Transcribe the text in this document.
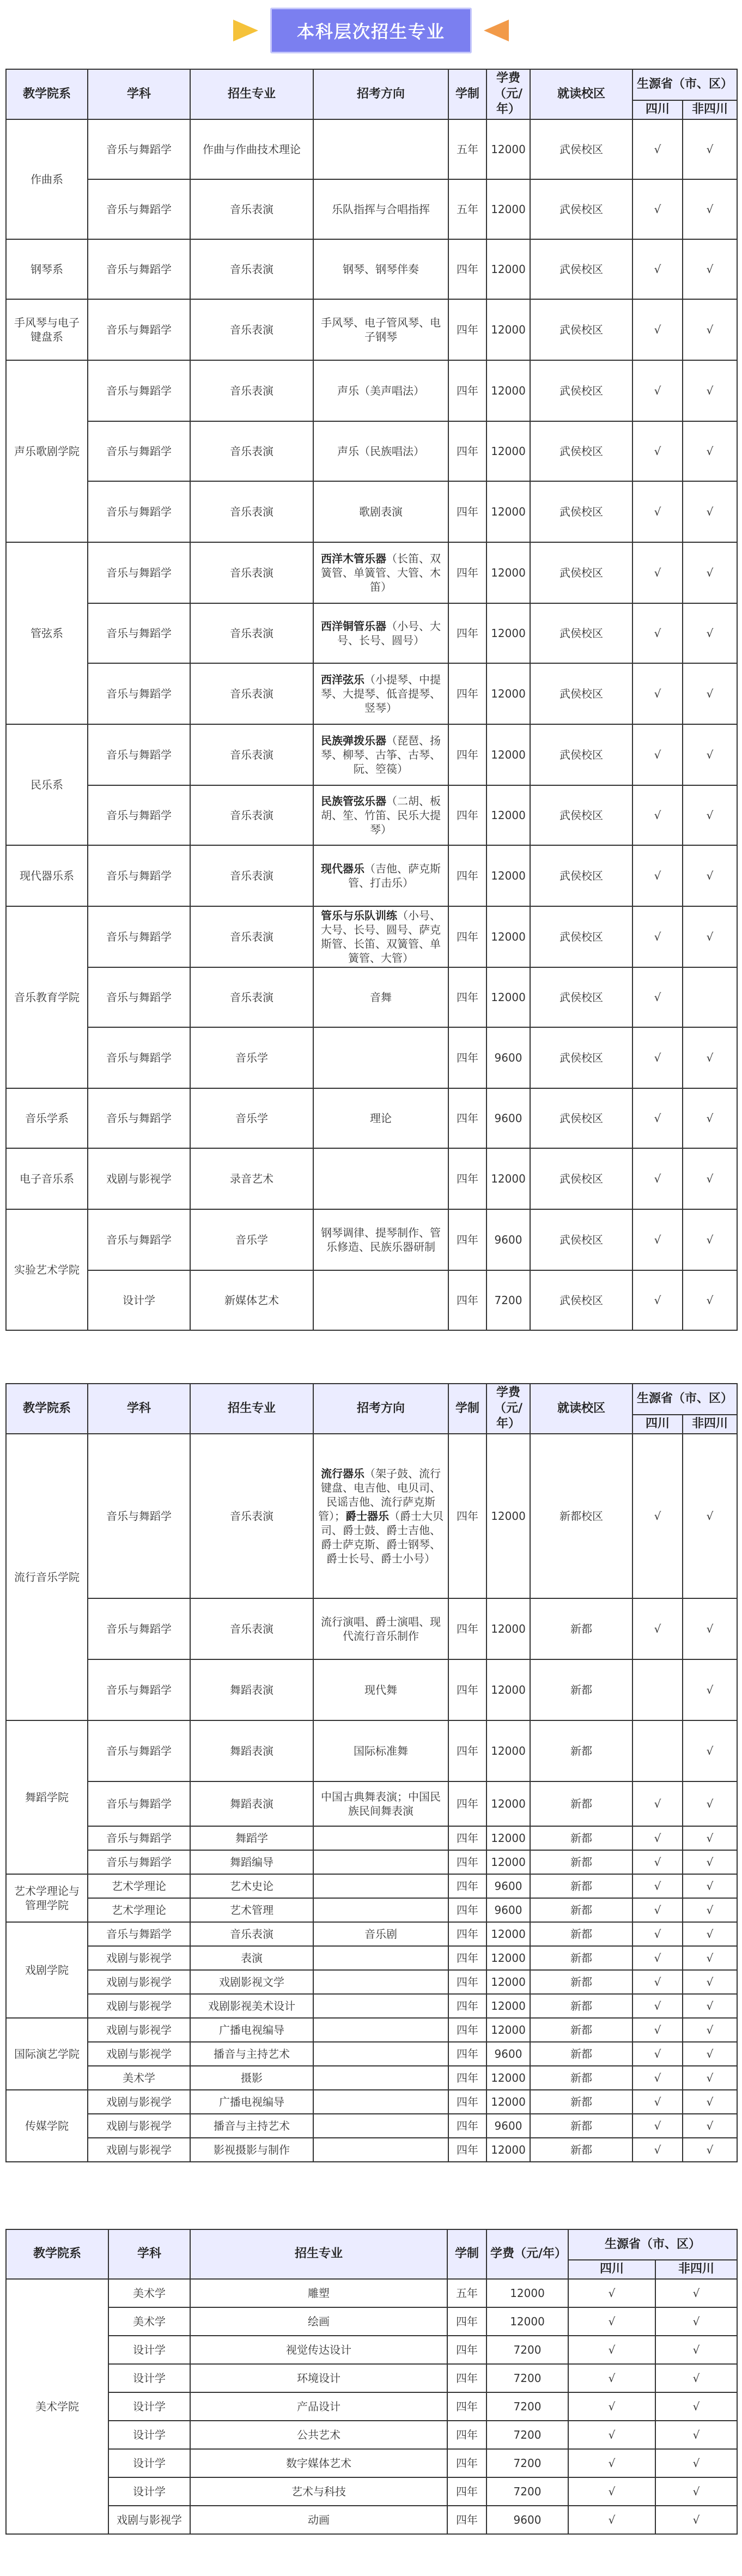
本科层次招生专业
教学院系	学科	招生专业	招考方向	学制	学费（元/年）	就读校区	生源省（市、区）	
							四川	非四川
作曲系	音乐与舞蹈学	作曲与作曲技术理论		五年	12000	武侯校区	√	√
	音乐与舞蹈学	音乐表演	乐队指挥与合唱指挥	五年	12000	武侯校区	√	√
钢琴系	音乐与舞蹈学	音乐表演	钢琴、钢琴伴奏	四年	12000	武侯校区	√	√
手风琴与电子键盘系	音乐与舞蹈学	音乐表演	手风琴、电子管风琴、电子钢琴	四年	12000	武侯校区	√	√
声乐歌剧学院	音乐与舞蹈学	音乐表演	声乐（美声唱法）	四年	12000	武侯校区	√	√
	音乐与舞蹈学	音乐表演	声乐（民族唱法）	四年	12000	武侯校区	√	√
	音乐与舞蹈学	音乐表演	歌剧表演	四年	12000	武侯校区	√	√
管弦系	音乐与舞蹈学	音乐表演	西洋木管乐器（长笛、双簧管、单簧管、大管、木笛）	四年	12000	武侯校区	√	√
	音乐与舞蹈学	音乐表演	西洋铜管乐器（小号、大号、长号、圆号）	四年	12000	武侯校区	√	√
	音乐与舞蹈学	音乐表演	西洋弦乐（小提琴、中提琴、大提琴、低音提琴、竖琴）	四年	12000	武侯校区	√	√
民乐系	音乐与舞蹈学	音乐表演	民族弹拨乐器（琵琶、扬琴、柳琴、古筝、古琴、阮、箜篌）	四年	12000	武侯校区	√	√
	音乐与舞蹈学	音乐表演	民族管弦乐器（二胡、板胡、笙、竹笛、民乐大提琴）	四年	12000	武侯校区	√	√
现代器乐系	音乐与舞蹈学	音乐表演	现代器乐（吉他、萨克斯管、打击乐）	四年	12000	武侯校区	√	√
音乐教育学院	音乐与舞蹈学	音乐表演	管乐与乐队训练（小号、大号、长号、圆号、萨克斯管、长笛、双簧管、单簧管、大管）	四年	12000	武侯校区	√	√
	音乐与舞蹈学	音乐表演	音舞	四年	12000	武侯校区	√	
	音乐与舞蹈学	音乐学		四年	9600	武侯校区	√	√
音乐学系	音乐与舞蹈学	音乐学	理论	四年	9600	武侯校区	√	√
电子音乐系	戏剧与影视学	录音艺术		四年	12000	武侯校区	√	√
实验艺术学院	音乐与舞蹈学	音乐学	钢琴调律、提琴制作、管乐修造、民族乐器研制	四年	9600	武侯校区	√	√
	设计学	新媒体艺术		四年	7200	武侯校区	√	√
教学院系	学科	招生专业	招考方向	学制	学费（元/年）	就读校区	生源省（市、区）	
							四川	非四川
流行音乐学院	音乐与舞蹈学	音乐表演	流行器乐（架子鼓、流行键盘、电吉他、电贝司、民谣吉他、流行萨克斯管）；爵士器乐（爵士大贝司、爵士鼓、爵士吉他、爵士萨克斯、爵士钢琴、爵士长号、爵士小号）	四年	12000	新都校区	√	√
	音乐与舞蹈学	音乐表演	流行演唱、爵士演唱、现代流行音乐制作	四年	12000	新都	√	√
	音乐与舞蹈学	舞蹈表演	现代舞	四年	12000	新都		√
舞蹈学院	音乐与舞蹈学	舞蹈表演	国际标准舞	四年	12000	新都		√
	音乐与舞蹈学	舞蹈表演	中国古典舞表演；中国民族民间舞表演	四年	12000	新都	√	√
	音乐与舞蹈学	舞蹈学		四年	12000	新都	√	√
	音乐与舞蹈学	舞蹈编导		四年	12000	新都	√	√
艺术学理论与管理学院	艺术学理论	艺术史论		四年	9600	新都	√	√
	艺术学理论	艺术管理		四年	9600	新都	√	√
戏剧学院	音乐与舞蹈学	音乐表演	音乐剧	四年	12000	新都	√	√
	戏剧与影视学	表演		四年	12000	新都	√	√
	戏剧与影视学	戏剧影视文学		四年	12000	新都	√	√
	戏剧与影视学	戏剧影视美术设计		四年	12000	新都	√	√
国际演艺学院	戏剧与影视学	广播电视编导		四年	12000	新都	√	√
	戏剧与影视学	播音与主持艺术		四年	9600	新都	√	√
	美术学	摄影		四年	12000	新都	√	√
传媒学院	戏剧与影视学	广播电视编导		四年	12000	新都	√	√
	戏剧与影视学	播音与主持艺术		四年	9600	新都	√	√
	戏剧与影视学	影视摄影与制作		四年	12000	新都	√	√
教学院系	学科	招生专业	学制	学费（元/年）	生源省（市、区）	
					四川	非四川
美术学院	美术学	雕塑	五年	12000	√	√
	美术学	绘画	四年	12000	√	√
	设计学	视觉传达设计	四年	7200	√	√
	设计学	环境设计	四年	7200	√	√
	设计学	产品设计	四年	7200	√	√
	设计学	公共艺术	四年	7200	√	√
	设计学	数字媒体艺术	四年	7200	√	√
	设计学	艺术与科技	四年	7200	√	√
	戏剧与影视学	动画	四年	9600	√	√
